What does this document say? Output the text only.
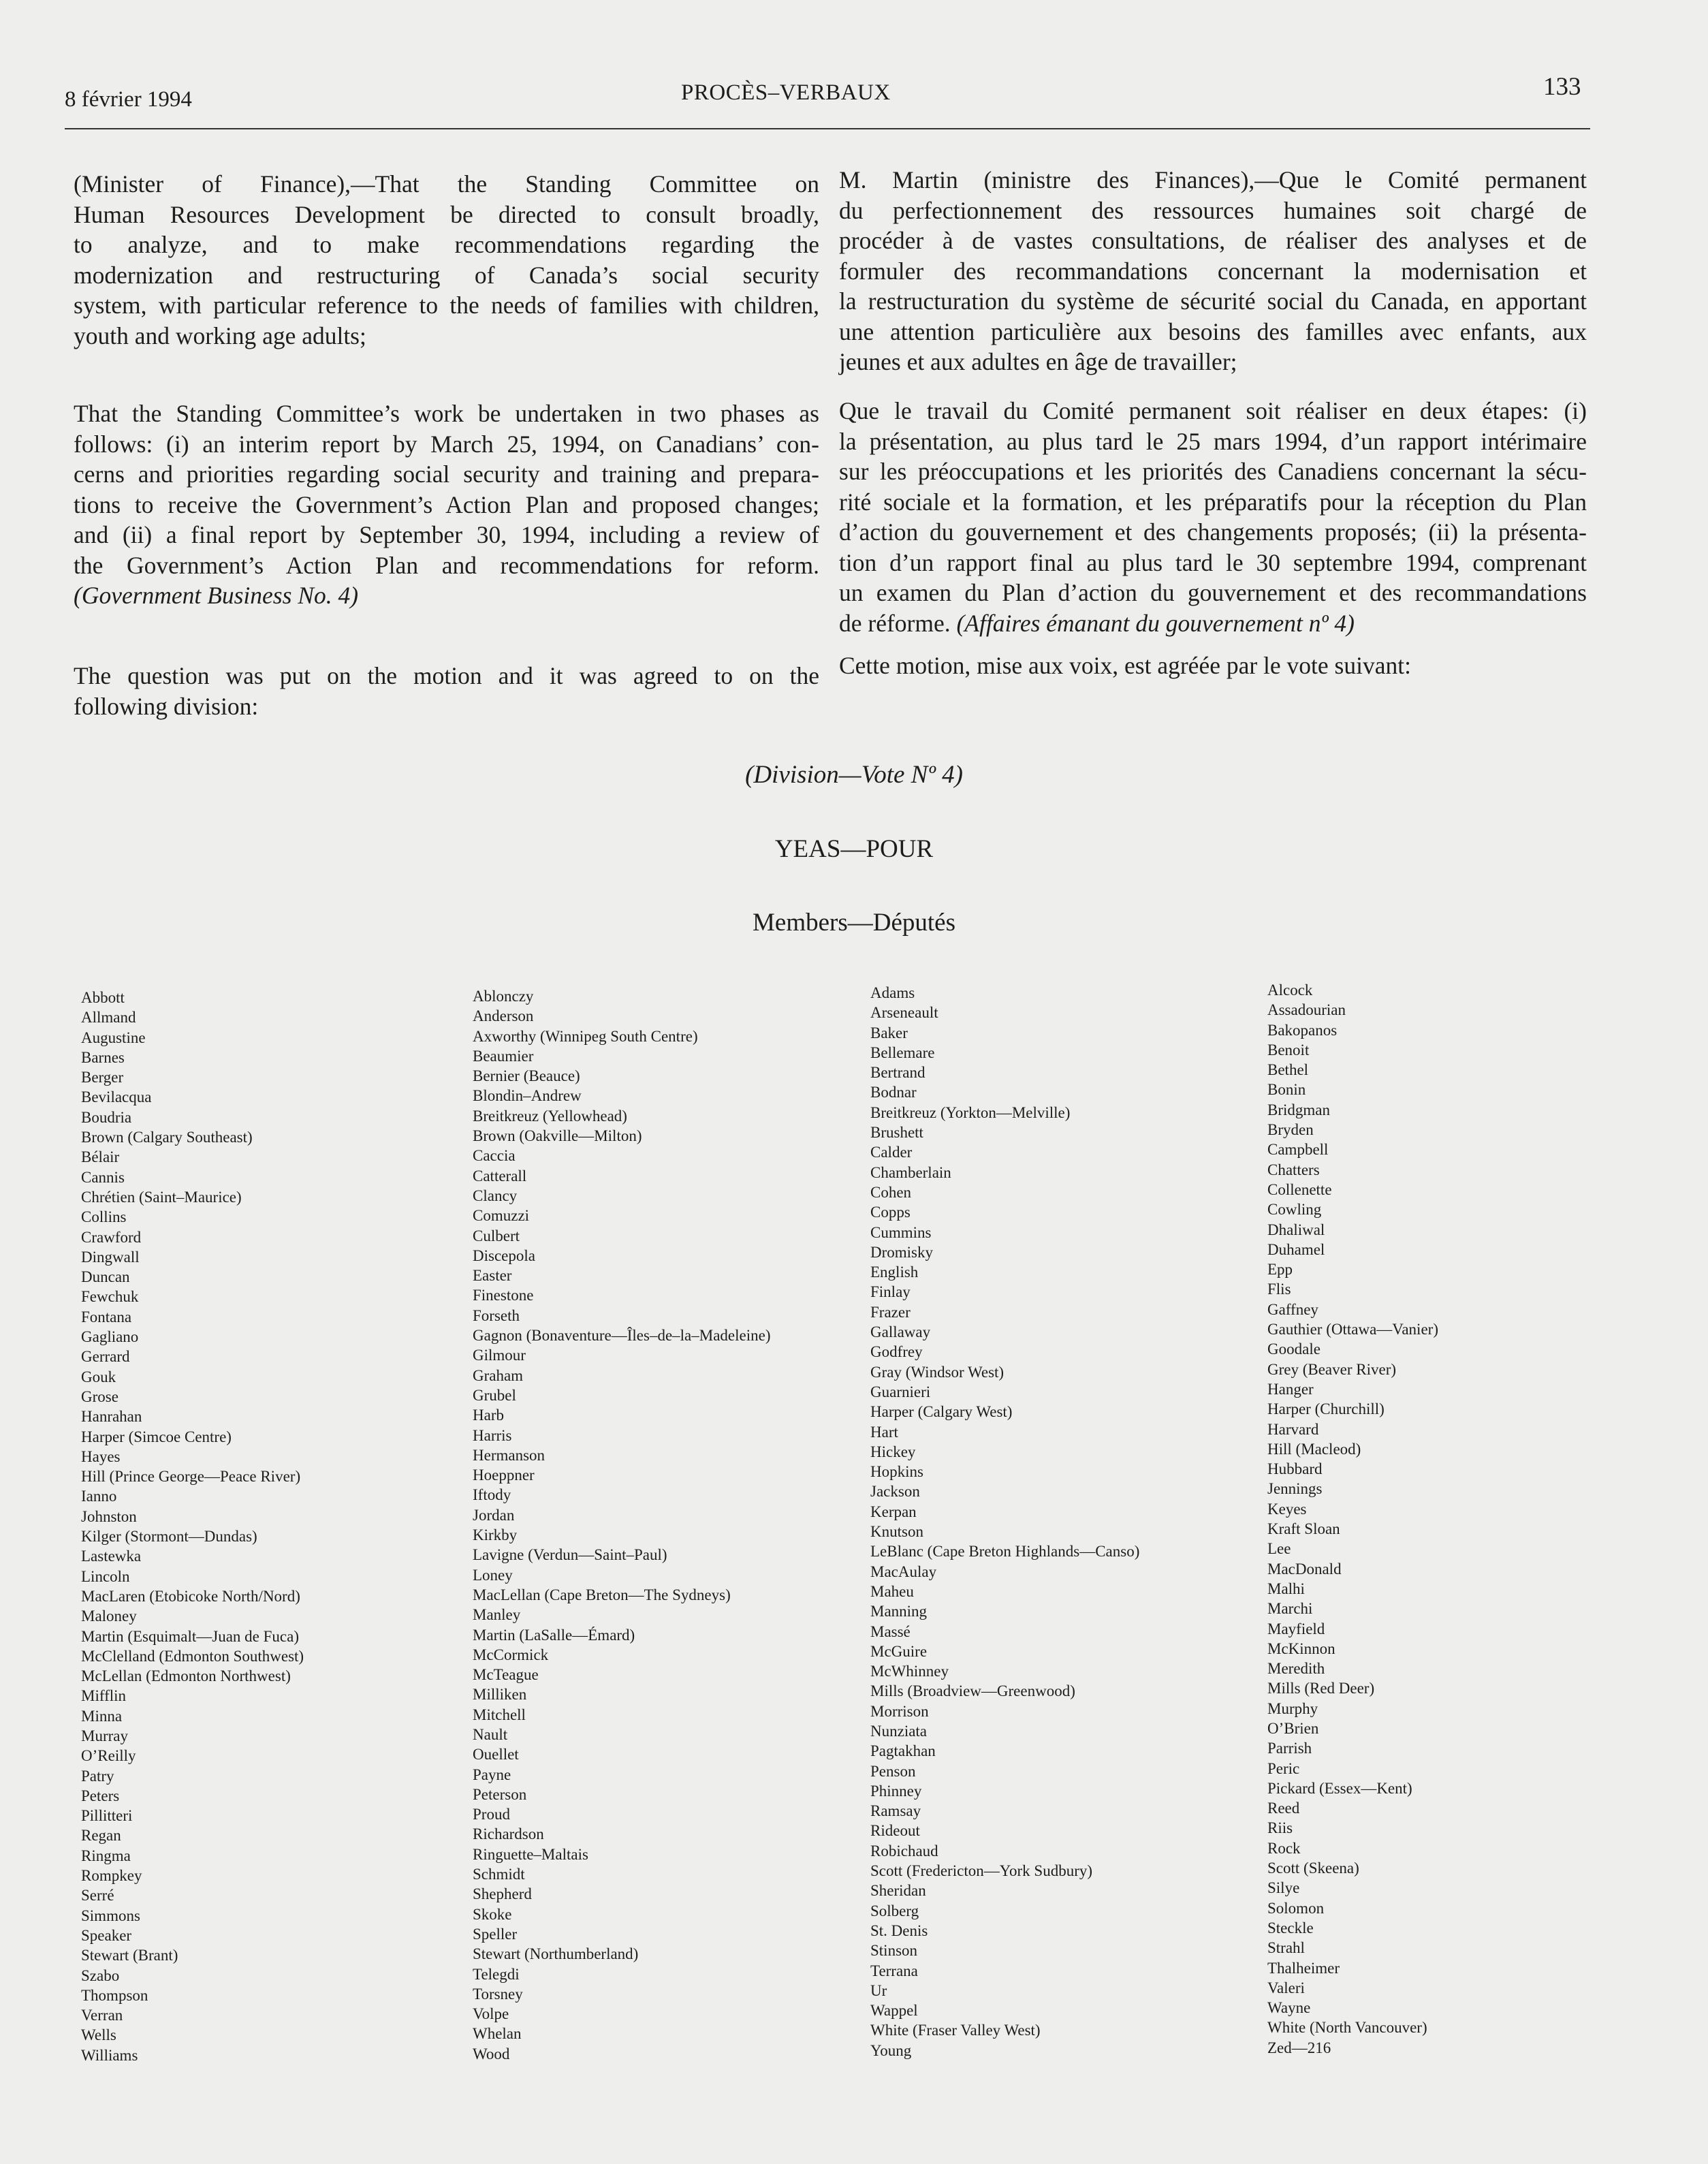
8 février 1994	PROCÈS–VERBAUX	133
(Minister of Finance),—That the Standing Committee on
Human Resources Development be directed to consult broadly,
to analyze, and to make recommendations regarding the
modernization and restructuring of Canada’s social security
system, with particular reference to the needs of families with children,
youth and working age adults;
That the Standing Committee’s work be undertaken in two phases as
follows: (i) an interim report by March 25, 1994, on Canadians’ con-
cerns and priorities regarding social security and training and prepara-
tions to receive the Government’s Action Plan and proposed changes;
and (ii) a final report by September 30, 1994, including a review of
the Government’s Action Plan and recommendations for reform.
(Government Business No. 4)
The question was put on the motion and it was agreed to on the
following division:
M. Martin (ministre des Finances),—Que le Comité permanent
du perfectionnement des ressources humaines soit chargé de
procéder à de vastes consultations, de réaliser des analyses et de
formuler des recommandations concernant la modernisation et
la restructuration du système de sécurité social du Canada, en apportant
une attention particulière aux besoins des familles avec enfants, aux
jeunes et aux adultes en âge de travailler;
Que le travail du Comité permanent soit réaliser en deux étapes: (i)
la présentation, au plus tard le 25 mars 1994, d’un rapport intérimaire
sur les préoccupations et les priorités des Canadiens concernant la sécu-
rité sociale et la formation, et les préparatifs pour la réception du Plan
d’action du gouvernement et des changements proposés; (ii) la présenta-
tion d’un rapport final au plus tard le 30 septembre 1994, comprenant
un examen du Plan d’action du gouvernement et des recommandations
de réforme. (Affaires émanant du gouvernement nº 4)
Cette motion, mise aux voix, est agréée par le vote suivant:
(Division—Vote Nº 4)
YEAS—POUR
Members—Députés
Abbott
Allmand
Augustine
Barnes
Berger
Bevilacqua
Boudria
Brown (Calgary Southeast)
Bélair
Cannis
Chrétien (Saint–Maurice)
Collins
Crawford
Dingwall
Duncan
Fewchuk
Fontana
Gagliano
Gerrard
Gouk
Grose
Hanrahan
Harper (Simcoe Centre)
Hayes
Hill (Prince George—Peace River)
Ianno
Johnston
Kilger (Stormont—Dundas)
Lastewka
Lincoln
MacLaren (Etobicoke North/Nord)
Maloney
Martin (Esquimalt—Juan de Fuca)
McClelland (Edmonton Southwest)
McLellan (Edmonton Northwest)
Mifflin
Minna
Murray
O’Reilly
Patry
Peters
Pillitteri
Regan
Ringma
Rompkey
Serré
Simmons
Speaker
Stewart (Brant)
Szabo
Thompson
Verran
Wells
Williams
Ablonczy
Anderson
Axworthy (Winnipeg South Centre)
Beaumier
Bernier (Beauce)
Blondin–Andrew
Breitkreuz (Yellowhead)
Brown (Oakville—Milton)
Caccia
Catterall
Clancy
Comuzzi
Culbert
Discepola
Easter
Finestone
Forseth
Gagnon (Bonaventure—Îles–de–la–Madeleine)
Gilmour
Graham
Grubel
Harb
Harris
Hermanson
Hoeppner
Iftody
Jordan
Kirkby
Lavigne (Verdun—Saint–Paul)
Loney
MacLellan (Cape Breton—The Sydneys)
Manley
Martin (LaSalle—Émard)
McCormick
McTeague
Milliken
Mitchell
Nault
Ouellet
Payne
Peterson
Proud
Richardson
Ringuette–Maltais
Schmidt
Shepherd
Skoke
Speller
Stewart (Northumberland)
Telegdi
Torsney
Volpe
Whelan
Wood
Adams
Arseneault
Baker
Bellemare
Bertrand
Bodnar
Breitkreuz (Yorkton—Melville)
Brushett
Calder
Chamberlain
Cohen
Copps
Cummins
Dromisky
English
Finlay
Frazer
Gallaway
Godfrey
Gray (Windsor West)
Guarnieri
Harper (Calgary West)
Hart
Hickey
Hopkins
Jackson
Kerpan
Knutson
LeBlanc (Cape Breton Highlands—Canso)
MacAulay
Maheu
Manning
Massé
McGuire
McWhinney
Mills (Broadview—Greenwood)
Morrison
Nunziata
Pagtakhan
Penson
Phinney
Ramsay
Rideout
Robichaud
Scott (Fredericton—York Sudbury)
Sheridan
Solberg
St. Denis
Stinson
Terrana
Ur
Wappel
White (Fraser Valley West)
Young
Alcock
Assadourian
Bakopanos
Benoit
Bethel
Bonin
Bridgman
Bryden
Campbell
Chatters
Collenette
Cowling
Dhaliwal
Duhamel
Epp
Flis
Gaffney
Gauthier (Ottawa—Vanier)
Goodale
Grey (Beaver River)
Hanger
Harper (Churchill)
Harvard
Hill (Macleod)
Hubbard
Jennings
Keyes
Kraft Sloan
Lee
MacDonald
Malhi
Marchi
Mayfield
McKinnon
Meredith
Mills (Red Deer)
Murphy
O’Brien
Parrish
Peric
Pickard (Essex—Kent)
Reed
Riis
Rock
Scott (Skeena)
Silye
Solomon
Steckle
Strahl
Thalheimer
Valeri
Wayne
White (North Vancouver)
Zed—216
